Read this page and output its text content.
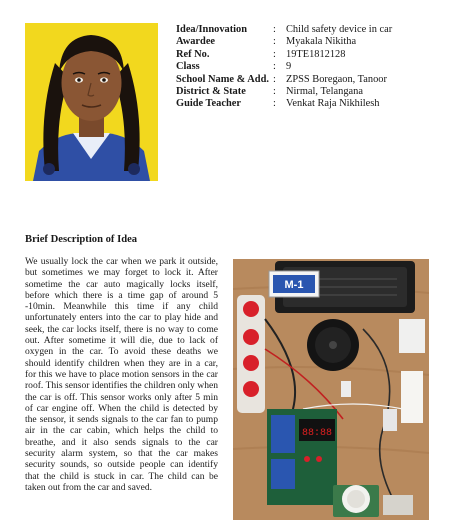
Idea/Innovation	: Child safety device in car
Awardee	: Myakala Nikitha
Ref No.	: 19TE1812128
Class	: 9
School Name & Add. : ZPSS Boregaon, Tanoor
District & State	: Nirmal, Telangana
Guide Teacher	: Venkat Raja Nikhilesh
Brief Description of Idea
We usually lock the car when we park it outside, but sometimes we may forget to lock it. After sometime the car auto magically locks itself, before which there is a time gap of around 5 -10min. Meanwhile this time if any child unfortunately enters into the car to play hide and seek, the car locks itself, there is no way to come out. After sometime it will die, due to lack of oxygen in the car. To avoid these deaths we should identify children when they are in a car, for this we have to place motion sensors in the car roof. This sensor identifies the children only when the car is off. This sensor works only after 5 min of car engine off. When the child is detected by the sensor, it sends signals to the car fan to pump air in the car cabin, which helps the child to breathe, and it also sends signals to the car security alarm system, so that the car makes security sounds, so outside people can identify that the child is stuck in car. The child can be taken out from the car and saved.
M-1
88:88
